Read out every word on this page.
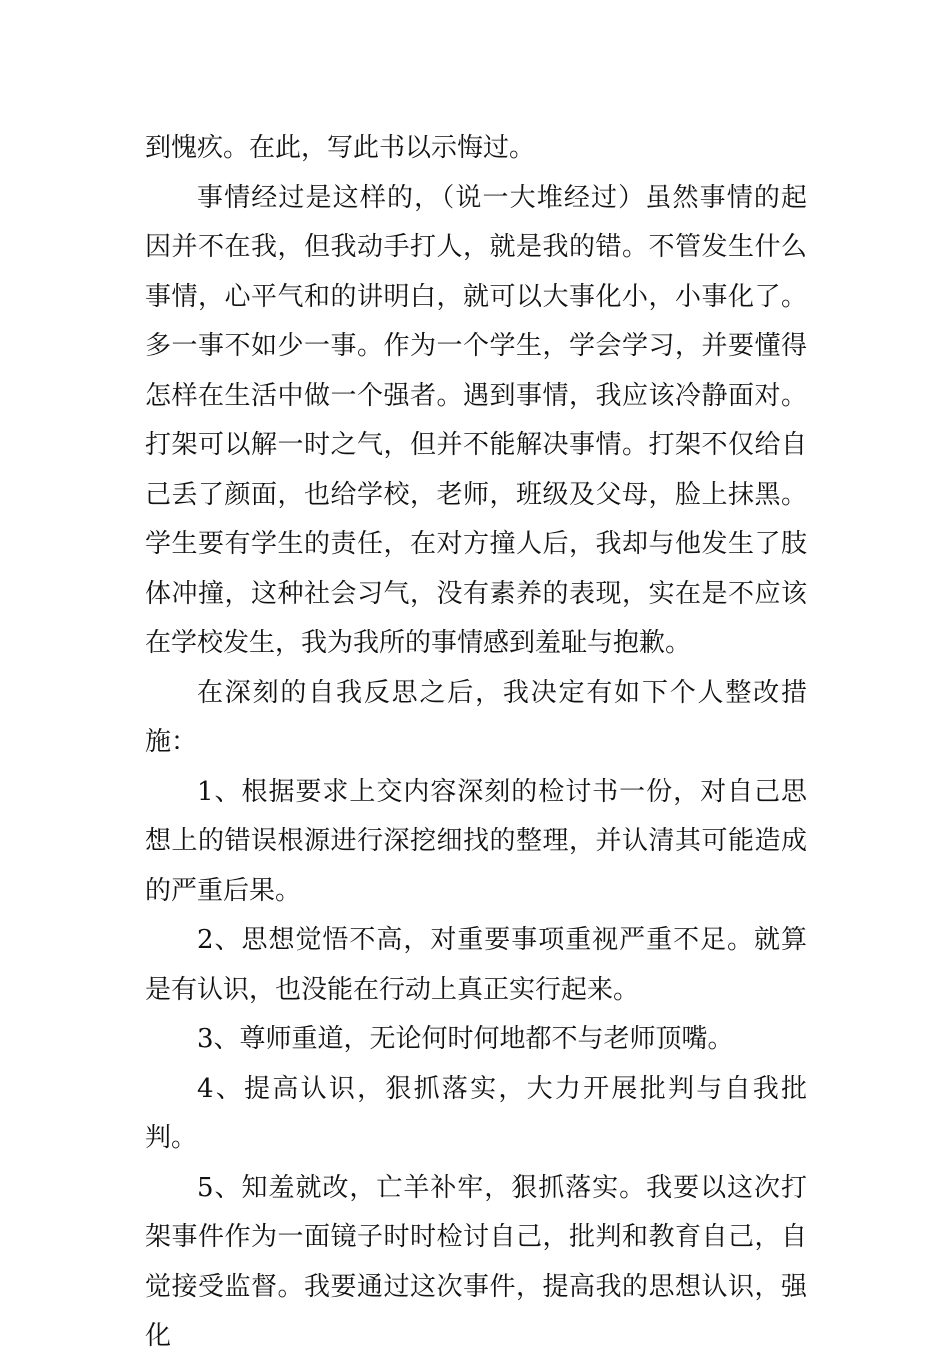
到愧疚。在此，写此书以示悔过。

事情经过是这样的，（说一大堆经过）虽然事情的起因并不在我，但我动手打人，就是我的错。不管发生什么事情，心平气和的讲明白，就可以大事化小，小事化了。多一事不如少一事。作为一个学生，学会学习，并要懂得怎样在生活中做一个强者。遇到事情，我应该冷静面对。打架可以解一时之气，但并不能解决事情。打架不仅给自己丢了颜面，也给学校，老师，班级及父母，脸上抹黑。学生要有学生的责任，在对方撞人后，我却与他发生了肢体冲撞，这种社会习气，没有素养的表现，实在是不应该在学校发生，我为我所的事情感到羞耻与抱歉。

在深刻的自我反思之后，我决定有如下个人整改措施：

1、根据要求上交内容深刻的检讨书一份，对自己思想上的错误根源进行深挖细找的整理，并认清其可能造成的严重后果。

2、思想觉悟不高，对重要事项重视严重不足。就算是有认识，也没能在行动上真正实行起来。

3、尊师重道，无论何时何地都不与老师顶嘴。

4、提高认识，狠抓落实，大力开展批判与自我批判。

5、知羞就改，亡羊补牢，狠抓落实。我要以这次打架事件作为一面镜子时时检讨自己，批判和教育自己，自觉接受监督。我要通过这次事件，提高我的思想认识，强化
